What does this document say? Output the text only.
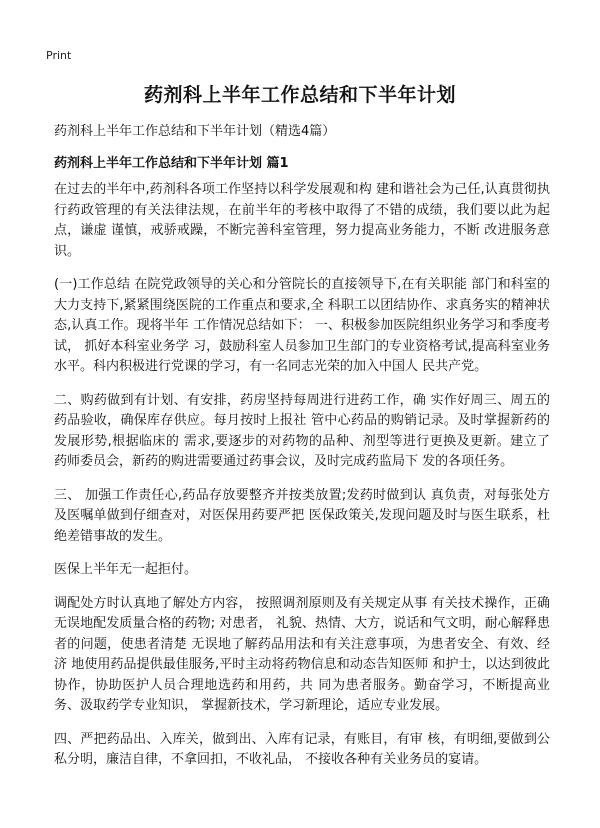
Print
药剂科上半年工作总结和下半年计划
药剂科上半年工作总结和下半年计划（精选4篇）
药剂科上半年工作总结和下半年计划 篇1

在过去的半年中,药剂科各项工作坚持以科学发展观和构 建和谐社会为己任,认真贯彻执行药政管理的有关法律法规，在前半年的考核中取得了不错的成绩，我们要以此为起点，谦虚 谨慎，戒骄戒躁，不断完善科室管理，努力提高业务能力，不断 改进服务意识。

(一)工作总结 在院党政领导的关心和分管院长的直接领导下,在有关职能 部门和科室的大力支持下,紧紧围绕医院的工作重点和要求,全 科职工以团结协作、求真务实的精神状态,认真工作。现将半年 工作情况总结如下： 一、积极参加医院组织业务学习和季度考试， 抓好本科室业务学 习，鼓励科室人员参加卫生部门的专业资格考试,提高科室业务 水平。科内积极进行党课的学习，有一名同志光荣的加入中国人 民共产党。

二、购药做到有计划、有安排，药房坚持每周进行进药工作，确 实作好周三、周五的药品验收，确保库存供应。每月按时上报社 管中心药品的购销记录。及时掌握新药的发展形势,根据临床的 需求,要逐步的对药物的品种、剂型等进行更换及更新。建立了 药师委员会，新药的购进需要通过药事会议，及时完成药监局下 发的各项任务。

三、 加强工作责任心,药品存放要整齐并按类放置;发药时做到认 真负责，对每张处方及医嘱单做到仔细查对，对医保用药要严把 医保政策关,发现问题及时与医生联系，杜绝差错事故的发生。

医保上半年无一起拒付。

调配处方时认真地了解处方内容， 按照调剂原则及有关规定从事 有关技术操作，正确无误地配发质量合格的药物; 对患者， 礼貌、热情、大方，说话和气文明，耐心解释患者的问题，使患者清楚 无误地了解药品用法和有关注意事项，为患者安全、有效、经济 地使用药品提供最佳服务,平时主动将药物信息和动态告知医师 和护士，以达到彼此协作，协助医护人员合理地选药和用药，共 同为患者服务。勤奋学习，不断提高业务、汲取药学专业知识， 掌握新技术，学习新理论，适应专业发展。

四、严把药品出、入库关，做到出、入库有记录，有账目，有审 核，有明细,要做到公私分明，廉洁自律，不拿回扣，不收礼品， 不接收各种有关业务员的宴请。
